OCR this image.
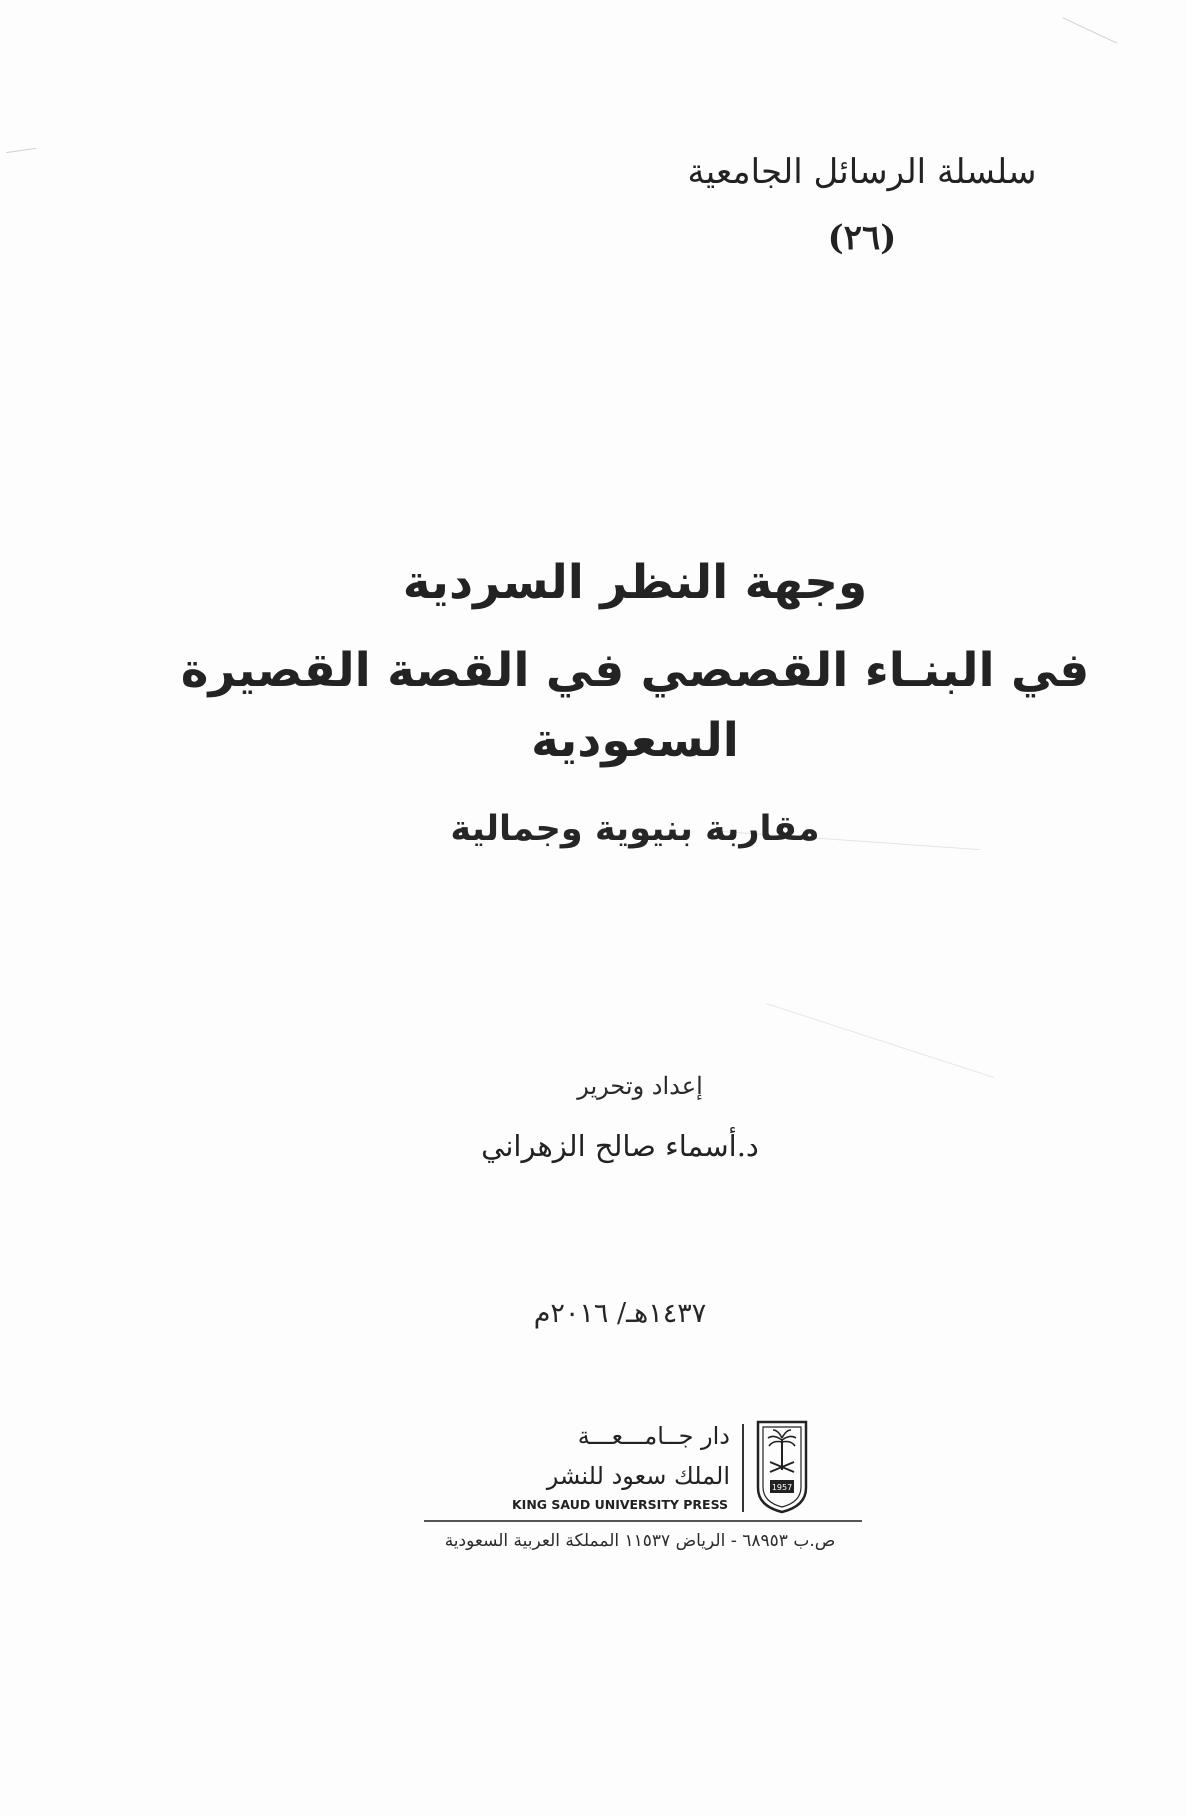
سلسلة الرسائل الجامعية
(٢٦)
وجهة النظر السردية
في البنـاء القصصي في القصة القصيرة السعودية
مقاربة بنيوية وجمالية
إعداد وتحرير
د.أسماء صالح الزهراني
١٤٣٧هـ/ ٢٠١٦م
دار جــامـــعـــة
الملك سعود للنشر
KING SAUD UNIVERSITY PRESS
1957
ص.ب ٦٨٩٥٣ - الرياض ١١٥٣٧ المملكة العربية السعودية
